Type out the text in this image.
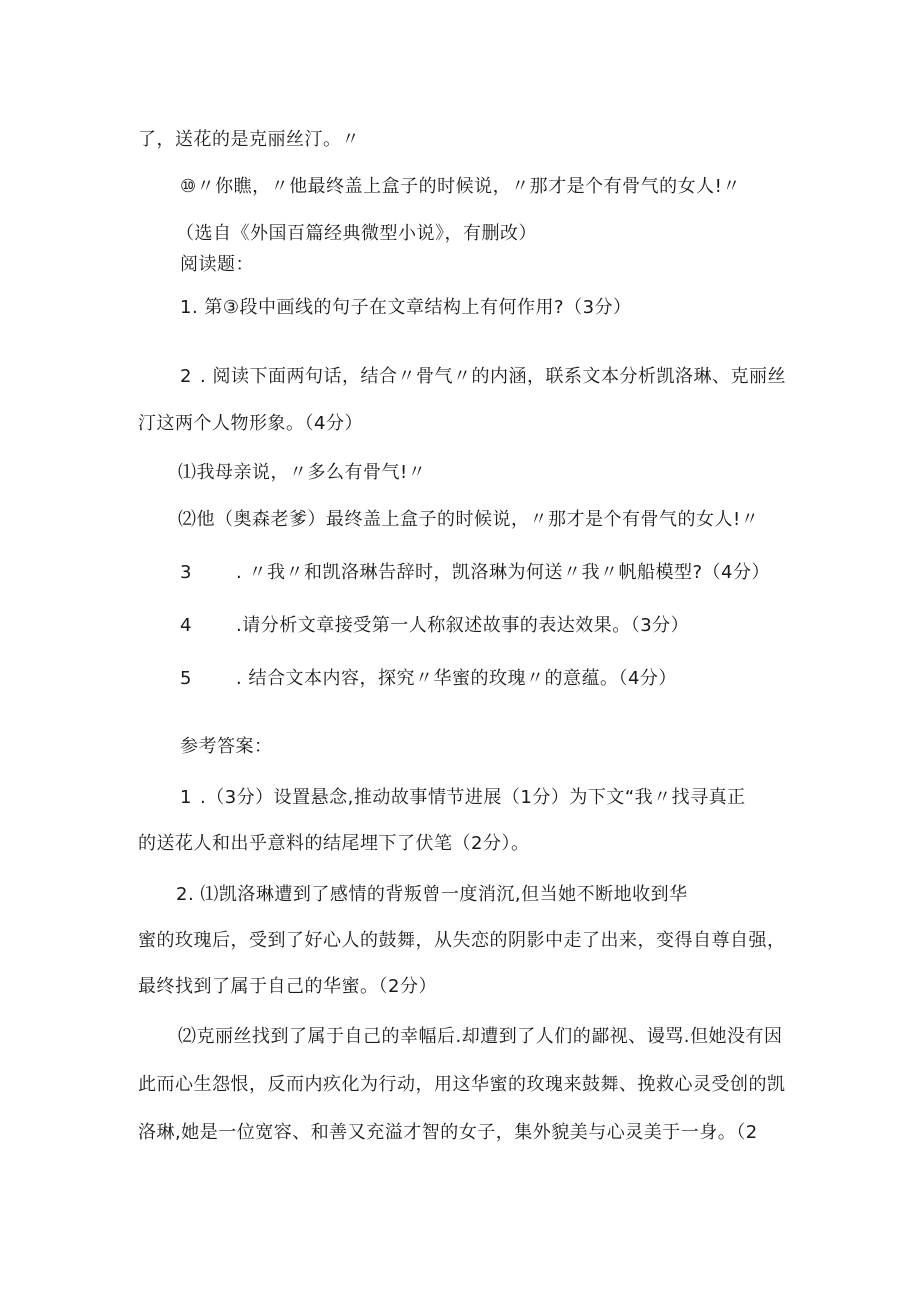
了，送花的是克丽丝汀。〃
⑩〃你瞧，〃他最终盖上盒子的时候说，〃那才是个有骨气的女人!〃
（选自《外国百篇经典微型小说》，有删改）
阅读题：
1. 第③段中画线的句子在文章结构上有何作用?（3分）
2 . 阅读下面两句话，结合〃骨气〃的内涵，联系文本分析凯洛琳、克丽丝
汀这两个人物形象。（4分）
⑴我母亲说，〃多么有骨气!〃
⑵他（奥森老爹）最终盖上盒子的时候说，〃那才是个有骨气的女人!〃
3 . 〃我〃和凯洛琳告辞时，凯洛琳为何送〃我〃帆船模型?（4分）
4 .请分析文章接受第一人称叙述故事的表达效果。（3分）
5 . 结合文本内容，探究〃华蜜的玫瑰〃的意蕴。（4分）
参考答案：
1 .（3分）设置悬念,推动故事情节进展（1分）为下文“我〃找寻真正
的送花人和出乎意料的结尾埋下了伏笔（2分）。
2. ⑴凯洛琳遭到了感情的背叛曾一度消沉,但当她不断地收到华
蜜的玫瑰后，受到了好心人的鼓舞，从失恋的阴影中走了出来，变得自尊自强，
最终找到了属于自己的华蜜。（2分）
⑵克丽丝找到了属于自己的幸幅后.却遭到了人们的鄙视、谩骂.但她没有因
此而心生怨恨，反而内疚化为行动，用这华蜜的玫瑰来鼓舞、挽救心灵受创的凯
洛琳,她是一位宽容、和善又充溢才智的女子，集外貌美与心灵美于一身。（2
